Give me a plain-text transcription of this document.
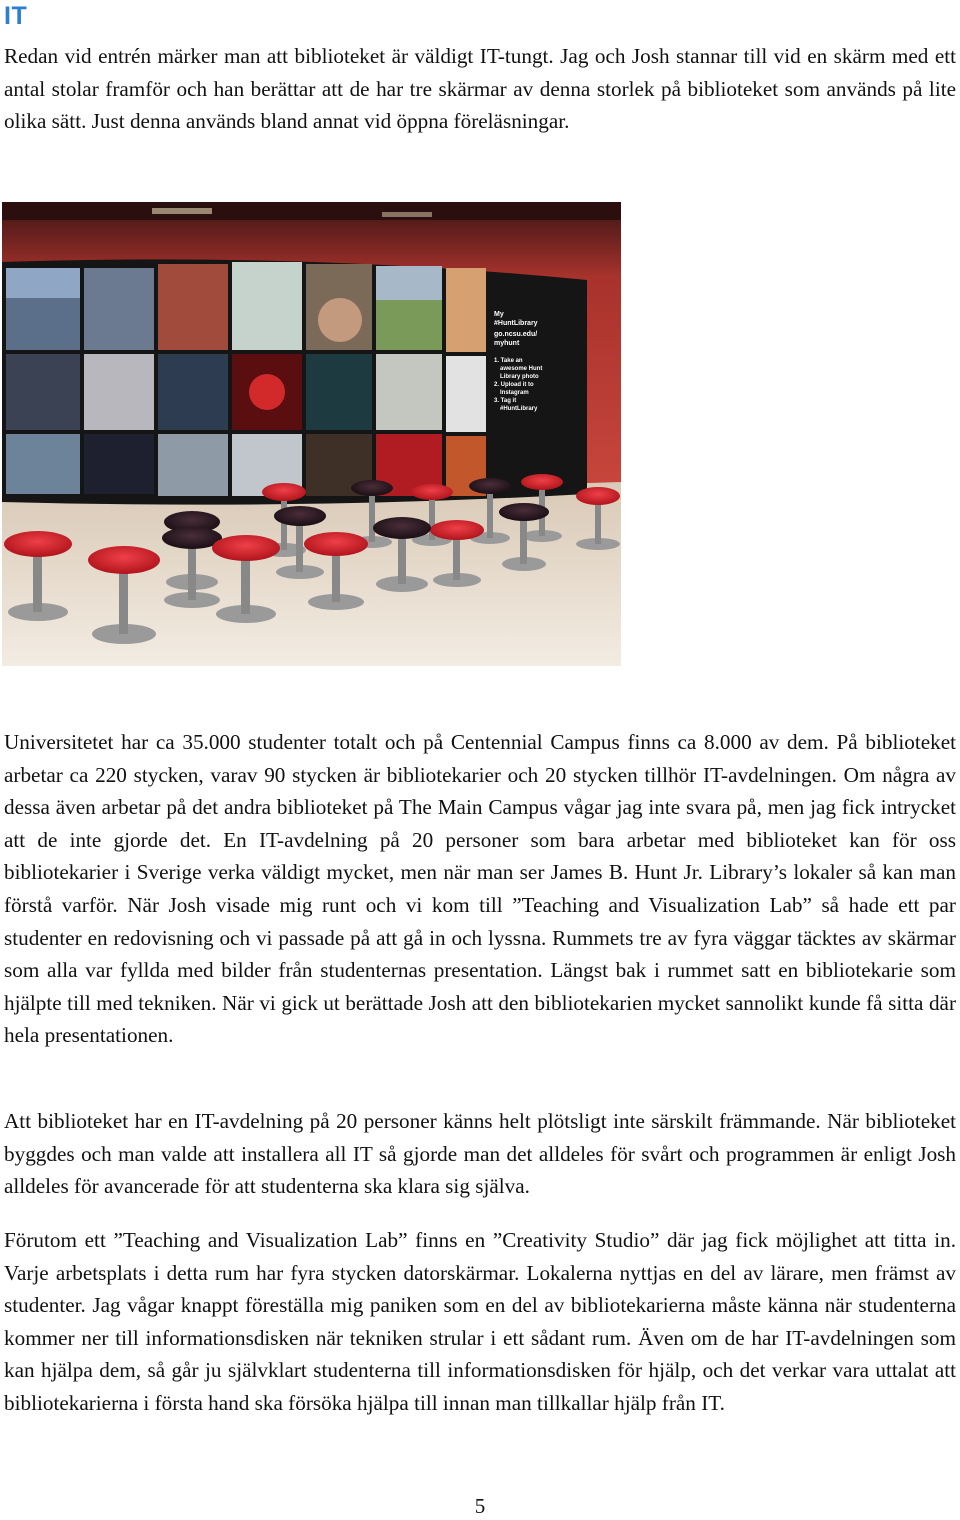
IT

Redan vid entrén märker man att biblioteket är väldigt IT-tungt. Jag och Josh stannar till vid en skärm med ett antal stolar framför och han berättar att de har tre skärmar av denna storlek på biblioteket som används på lite olika sätt. Just denna används bland annat vid öppna föreläsningar.

My
#HuntLibrary
go.ncsu.edu/
myhunt
1. Take an
awesome Hunt
Library photo
2. Upload it to
Instagram
3. Tag it
#HuntLibrary

Universitetet har ca 35.000 studenter totalt och på Centennial Campus finns ca 8.000 av dem. På biblioteket arbetar ca 220 stycken, varav 90 stycken är bibliotekarier och 20 stycken tillhör IT-avdelningen. Om några av dessa även arbetar på det andra biblioteket på The Main Campus vågar jag inte svara på, men jag fick intrycket att de inte gjorde det. En IT-avdelning på 20 personer som bara arbetar med biblioteket kan för oss bibliotekarier i Sverige verka väldigt mycket, men när man ser James B. Hunt Jr. Library’s lokaler så kan man förstå varför. När Josh visade mig runt och vi kom till ”Teaching and Visualization Lab” så hade ett par studenter en redovisning och vi passade på att gå in och lyssna. Rummets tre av fyra väggar täcktes av skärmar som alla var fyllda med bilder från studenternas presentation. Längst bak i rummet satt en bibliotekarie som hjälpte till med tekniken. När vi gick ut berättade Josh att den bibliotekarien mycket sannolikt kunde få sitta där hela presentationen.

Att biblioteket har en IT-avdelning på 20 personer känns helt plötsligt inte särskilt främmande. När biblioteket byggdes och man valde att installera all IT så gjorde man det alldeles för svårt och programmen är enligt Josh alldeles för avancerade för att studenterna ska klara sig själva.

Förutom ett ”Teaching and Visualization Lab” finns en ”Creativity Studio” där jag fick möjlighet att titta in. Varje arbetsplats i detta rum har fyra stycken datorskärmar. Lokalerna nyttjas en del av lärare, men främst av studenter. Jag vågar knappt föreställa mig paniken som en del av bibliotekarierna måste känna när studenterna kommer ner till informationsdisken när tekniken strular i ett sådant rum. Även om de har IT-avdelningen som kan hjälpa dem, så går ju självklart studenterna till informationsdisken för hjälp, och det verkar vara uttalat att bibliotekarierna i första hand ska försöka hjälpa till innan man tillkallar hjälp från IT.

5
